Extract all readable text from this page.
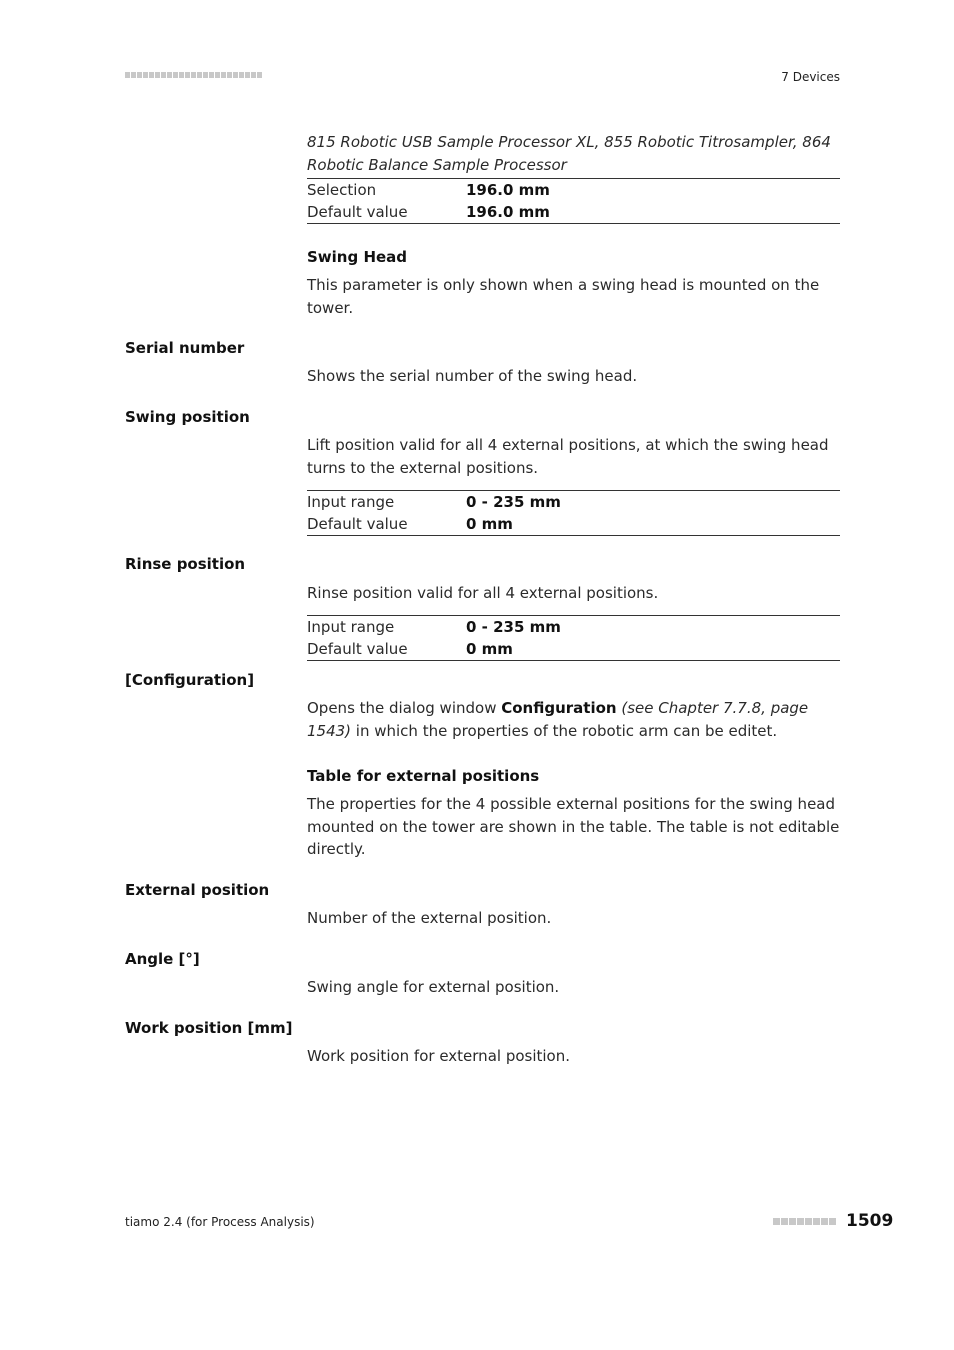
7 Devices
815 Robotic USB Sample Processor XL, 855 Robotic Titrosampler, 864 Robotic Balance Sample Processor
Selection	196.0 mm
Default value	196.0 mm
Swing Head
This parameter is only shown when a swing head is mounted on the tower.
Serial number
Shows the serial number of the swing head.
Swing position
Lift position valid for all 4 external positions, at which the swing head turns to the external positions.
Input range	0 - 235 mm
Default value	0 mm
Rinse position
Rinse position valid for all 4 external positions.
Input range	0 - 235 mm
Default value	0 mm
[Configuration]
Opens the dialog window Configuration (see Chapter 7.7.8, page 1543) in which the properties of the robotic arm can be editet.
Table for external positions
The properties for the 4 possible external positions for the swing head mounted on the tower are shown in the table. The table is not editable directly.
External position
Number of the external position.
Angle [°]
Swing angle for external position.
Work position [mm]
Work position for external position.
tiamo 2.4 (for Process Analysis)	1509
